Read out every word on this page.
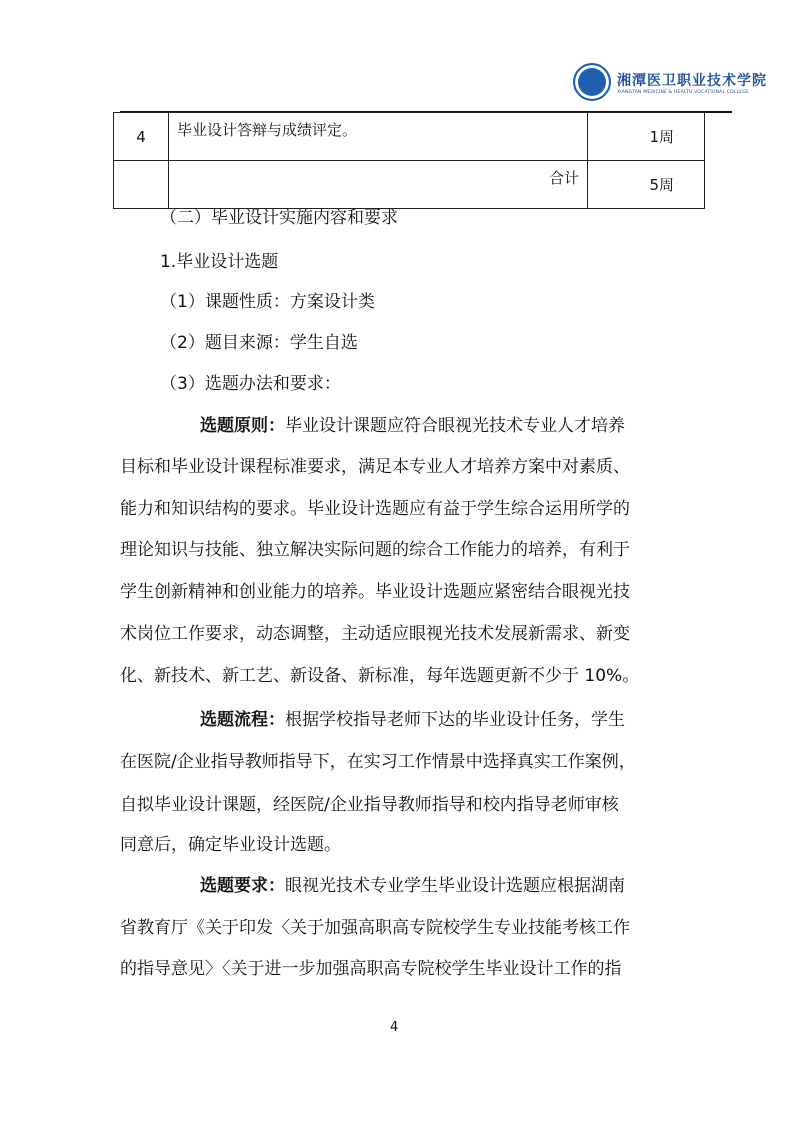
湘潭医卫职业技术学院
XIANGTAN MEDICINE & HEALTH VOCATIONAL COLLEGE
4	毕业设计答辩与成绩评定。	1周
	合计	5周
（二）毕业设计实施内容和要求
1.毕业设计选题
（1）课题性质：方案设计类
（2）题目来源：学生自选
（3）选题办法和要求：
选题原则：毕业设计课题应符合眼视光技术专业人才培养
目标和毕业设计课程标准要求，满足本专业人才培养方案中对素质、
能力和知识结构的要求。毕业设计选题应有益于学生综合运用所学的
理论知识与技能、独立解决实际问题的综合工作能力的培养，有利于
学生创新精神和创业能力的培养。毕业设计选题应紧密结合眼视光技
术岗位工作要求，动态调整，主动适应眼视光技术发展新需求、新变
化、新技术、新工艺、新设备、新标准，每年选题更新不少于 10%。
选题流程：根据学校指导老师下达的毕业设计任务，学生
在医院/企业指导教师指导下，在实习工作情景中选择真实工作案例，
自拟毕业设计课题，经医院/企业指导教师指导和校内指导老师审核
同意后，确定毕业设计选题。
选题要求：眼视光技术专业学生毕业设计选题应根据湖南
省教育厅《关于印发〈关于加强高职高专院校学生专业技能考核工作
的指导意见〉〈关于进一步加强高职高专院校学生毕业设计工作的指
4
